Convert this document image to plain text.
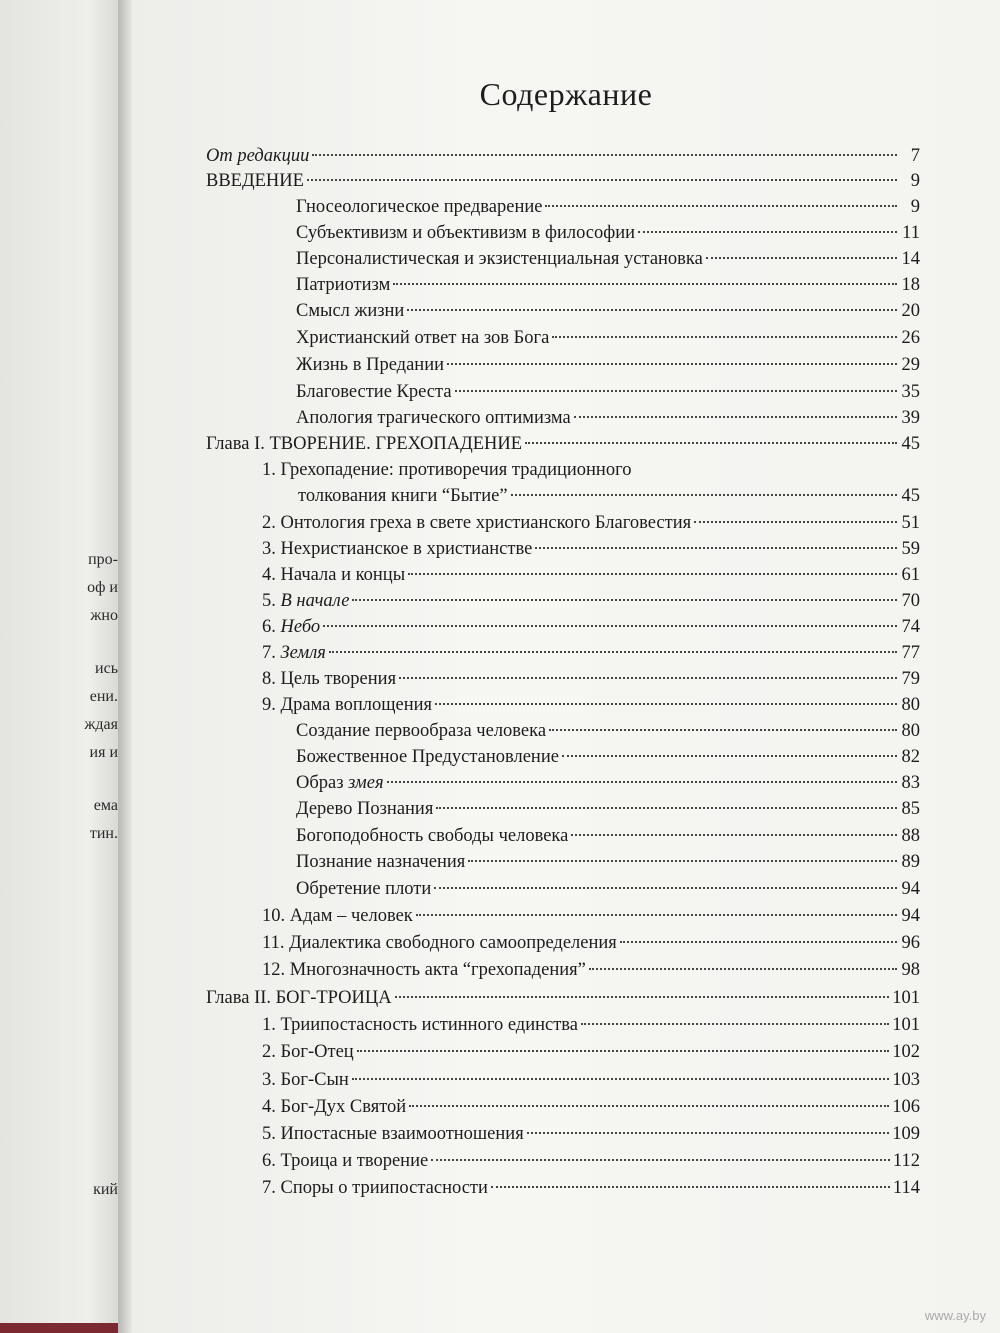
про-
оф и
жно
ись
ени.
ждая
ия и
ема
тин.
кий
Содержание
От редакции	7
ВВЕДЕНИЕ	9
Гносеологическое предварение	9
Субъективизм и объективизм в философии	11
Персоналистическая и экзистенциальная установка	14
Патриотизм	18
Смысл жизни	20
Христианский ответ на зов Бога	26
Жизнь в Предании	29
Благовестие Креста	35
Апология трагического оптимизма	39
Глава I. ТВОРЕНИЕ. ГРЕХОПАДЕНИЕ	45
1. Грехопадение: противоречия традиционного
толкования книги “Бытие”	45
2. Онтология греха в свете христианского Благовестия	51
3. Нехристианское в христианстве	59
4. Начала и концы	61
5. В начале	70
6. Небо	74
7. Земля	77
8. Цель творения	79
9. Драма воплощения	80
Создание первообраза человека	80
Божественное Предустановление	82
Образ змея	83
Дерево Познания	85
Богоподобность свободы человека	88
Познание назначения	89
Обретение плоти	94
10. Адам – человек	94
11. Диалектика свободного самоопределения	96
12. Многозначность акта “грехопадения”	98
Глава II. БОГ-ТРОИЦА	101
1. Триипостасность истинного единства	101
2. Бог-Отец	102
3. Бог-Сын	103
4. Бог-Дух Святой	106
5. Ипостасные взаимоотношения	109
6. Троица и творение	112
7. Споры о триипостасности	114
www.ay.by
